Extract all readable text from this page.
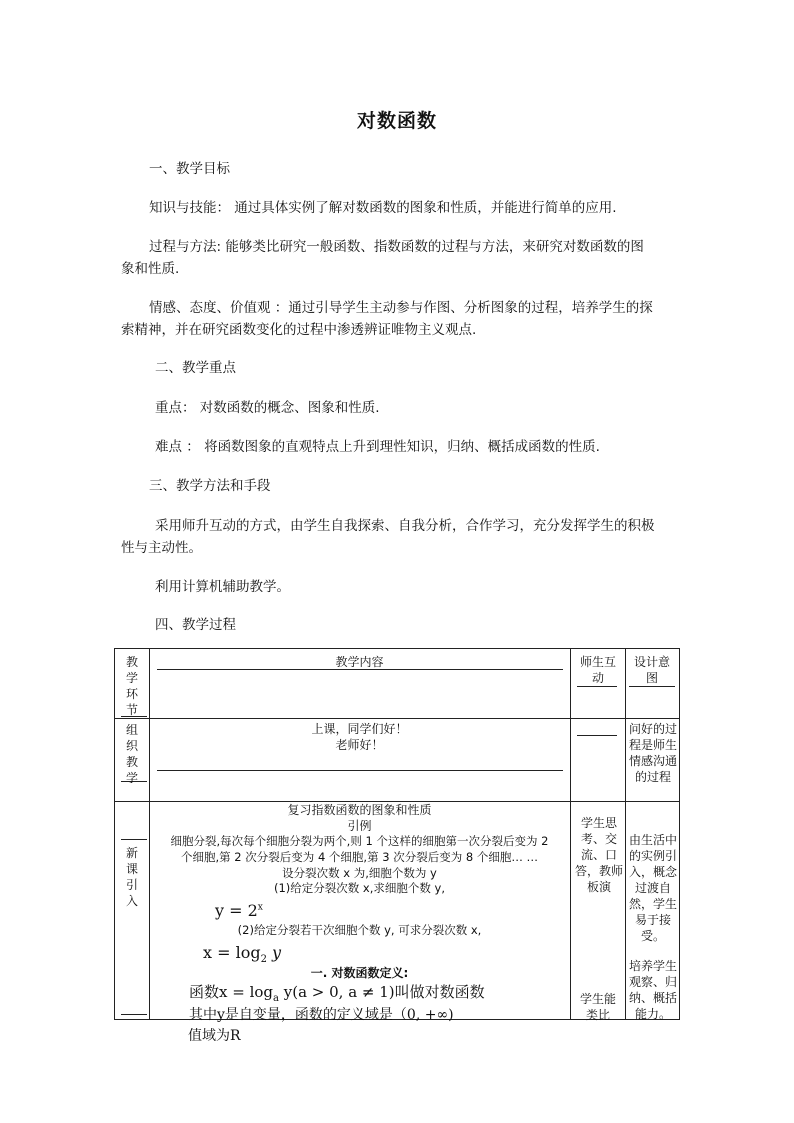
对数函数
一、教学目标
知识与技能： 通过具体实例了解对数函数的图象和性质，并能进行简单的应用.
过程与方法: 能够类比研究一般函数、指数函数的过程与方法，来研究对数函数的图
象和性质.
情感、态度、价值观 ：通过引导学生主动参与作图、分析图象的过程，培养学生的探
索精神，并在研究函数变化的过程中渗透辨证唯物主义观点.
二、教学重点
重点： 对数函数的概念、图象和性质.
难点 ： 将函数图象的直观特点上升到理性知识，归纳、概括成函数的性质.
三、教学方法和手段
采用师升互动的方式，由学生自我探索、自我分析，合作学习，充分发挥学生的积极
性与主动性。
利用计算机辅助教学。
四、教学过程
教学环节
教学内容	师生互动
设计意图
组织教学
上课，同学们好！
老师好！
问好的过程是师生情感沟通的过程
新课引入
复习指数函数的图象和性质
引例
细胞分裂,每次每个细胞分裂为两个,则 1 个这样的细胞第一次分裂后变为 2
个细胞,第 2 次分裂后变为 4 个细胞,第 3 次分裂后变为 8 个细胞… …
设分裂次数 x 为,细胞个数为 y
(1)给定分裂次数 x,求细胞个数 y,
$y = 2^x$
(2)给定分裂若干次细胞个数 y, 可求分裂次数 x,
$x = \log_2 y$
一. 对数函数定义:
函数$x = \log_a y(a > 0$, a ≠ 1)叫做对数函数
其中y是自变量，函数的定义域是（0, +∞)
学生思考、交流、口答，教师板演
学生能类比
由生活中的实例引入，概念过渡自然，学生易于接受。
培养学生观察、归纳、概括能力。
值域为R
